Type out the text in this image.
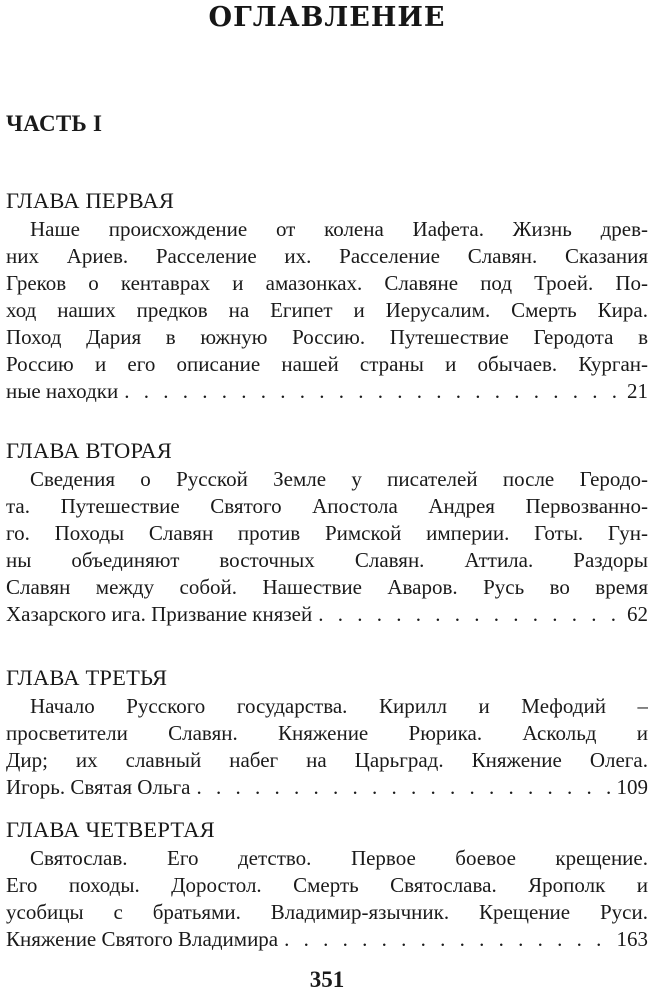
ОГЛАВЛЕНИЕ
ЧАСТЬ I
ГЛАВА ПЕРВАЯ
Наше происхождение от колена Иафета. Жизнь древ-
них Ариев. Расселение их. Расселение Славян. Сказания
Греков о кентаврах и амазонках. Славяне под Троей. По-
ход наших предков на Египет и Иерусалим. Смерть Кира.
Поход Дария в южную Россию. Путешествие Геродота в
Россию и его описание нашей страны и обычаев. Курган-
ные находки . . .	21
ГЛАВА ВТОРАЯ
Сведения о Русской Земле у писателей после Геродо-
та. Путешествие Святого Апостола Андрея Первозванно-
го. Походы Славян против Римской империи. Готы. Гун-
ны объединяют восточных Славян. Аттила. Раздоры
Славян между собой. Нашествие Аваров. Русь во время
Хазарского ига. Призвание князей . . .	62
ГЛАВА ТРЕТЬЯ
Начало Русского государства. Кирилл и Мефодий –
просветители Славян. Княжение Рюрика. Аскольд и
Дир; их славный набег на Царьград. Княжение Олега.
Игорь. Святая Ольга . . .	109
ГЛАВА ЧЕТВЕРТАЯ
Святослав. Его детство. Первое боевое крещение.
Его походы. Доростол. Смерть Святослава. Ярополк и
усобицы с братьями. Владимир-язычник. Крещение Руси.
Княжение Святого Владимира . . .	163
351
